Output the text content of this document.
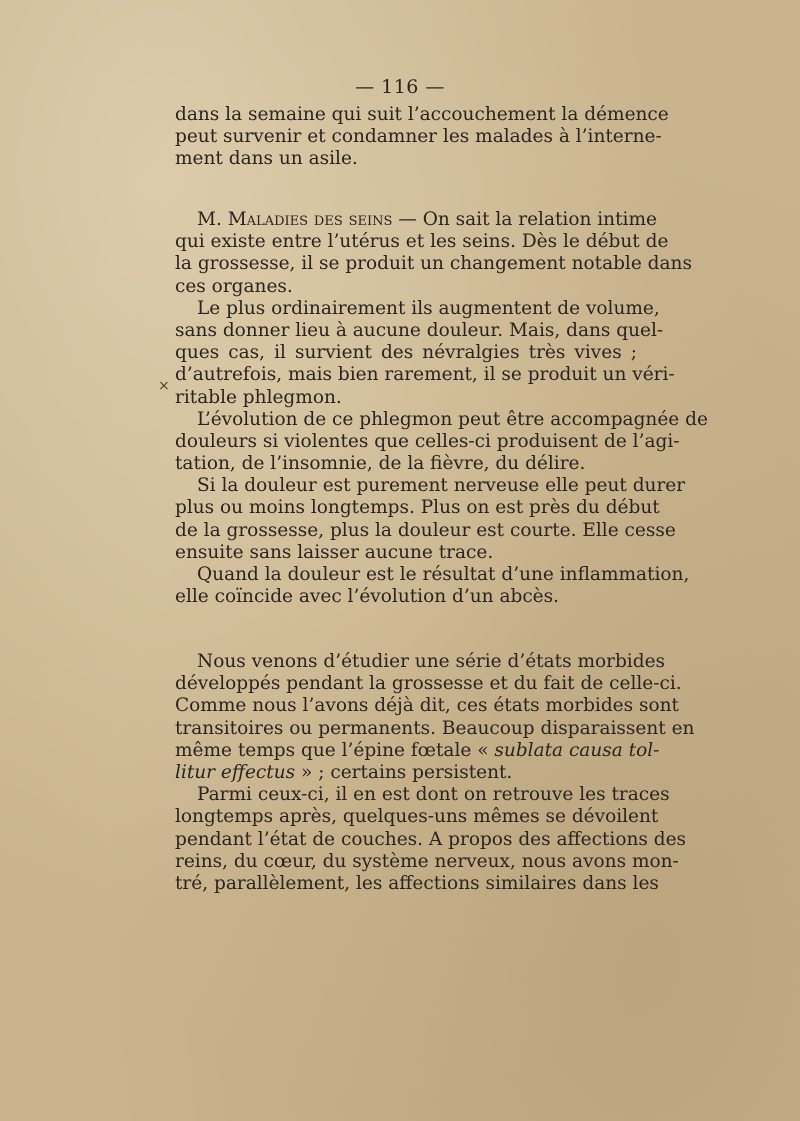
— 116 —
×
dans la semaine qui suit l’accouchement la démence
peut survenir et condamner les malades à l’interne-
ment dans un asile.
M. Maladies des seins — On sait la relation intime
qui existe entre l’utérus et les seins. Dès le début de
la grossesse, il se produit un changement notable dans
ces organes.
Le plus ordinairement ils augmentent de volume,
sans donner lieu à aucune douleur. Mais, dans quel-
ques cas, il survient des névralgies très vives ;
d’autrefois, mais bien rarement, il se produit un véri-
ritable phlegmon.
L’évolution de ce phlegmon peut être accompagnée de
douleurs si violentes que celles-ci produisent de l’agi-
tation, de l’insomnie, de la fièvre, du délire.
Si la douleur est purement nerveuse elle peut durer
plus ou moins longtemps. Plus on est près du début
de la grossesse, plus la douleur est courte. Elle cesse
ensuite sans laisser aucune trace.
Quand la douleur est le résultat d’une inflammation,
elle coïncide avec l’évolution d’un abcès.
Nous venons d’étudier une série d’états morbides
développés pendant la grossesse et du fait de celle-ci.
Comme nous l’avons déjà dit, ces états morbides sont
transitoires ou permanents. Beaucoup disparaissent en
même temps que l’épine fœtale « sublata causa tol-
litur effectus » ; certains persistent.
Parmi ceux-ci, il en est dont on retrouve les traces
longtemps après, quelques-uns mêmes se dévoilent
pendant l’état de couches. A propos des affections des
reins, du cœur, du système nerveux, nous avons mon-
tré, parallèlement, les affections similaires dans les
